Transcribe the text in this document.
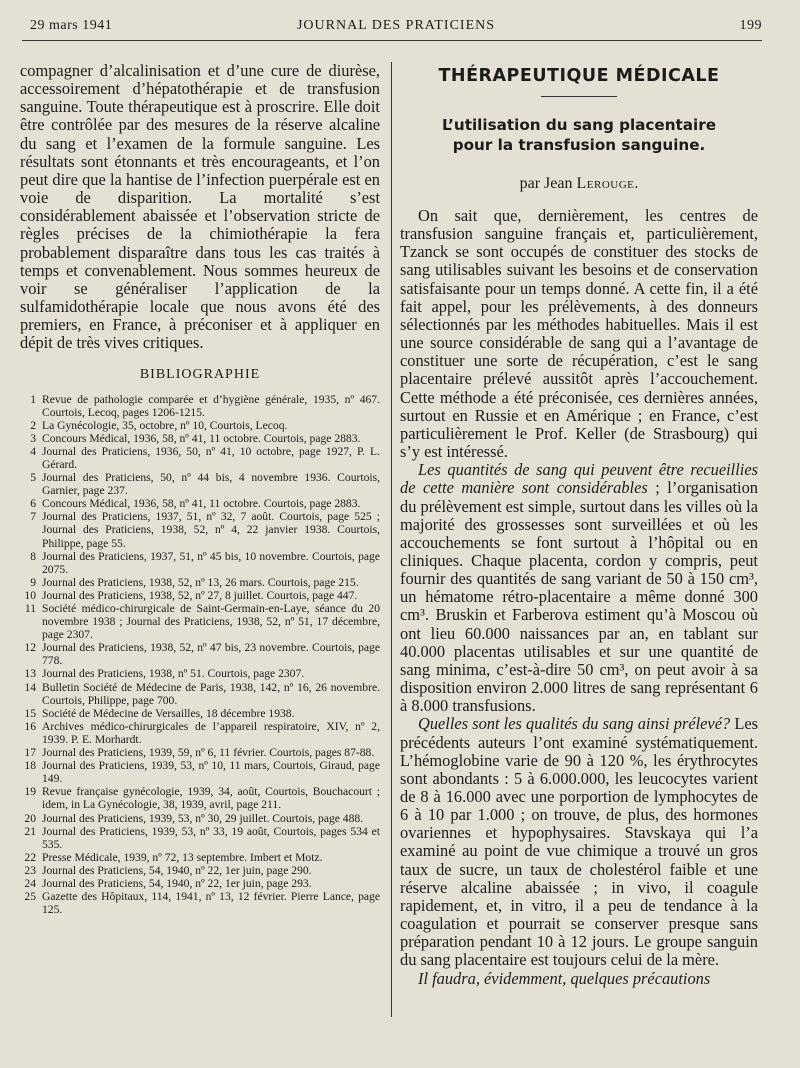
29 mars 1941	JOURNAL DES PRATICIENS	199

compagner d’alcalinisation et d’une cure de diurèse, accessoirement d’hépatothérapie et de transfusion sanguine. Toute thérapeutique est à proscrire. Elle doit être contrôlée par des mesures de la réserve alcaline du sang et l’examen de la formule sanguine. Les résultats sont étonnants et très encourageants, et l’on peut dire que la hantise de l’infection puerpérale est en voie de disparition. La mortalité s’est considérablement abaissée et l’observation stricte de règles précises de la chimiothérapie la fera probablement disparaître dans tous les cas traités à temps et convenablement. Nous sommes heureux de voir se généraliser l’application de la sulfamidothérapie locale que nous avons été des premiers, en France, à préconiser et à appliquer en dépit de très vives critiques.

BIBLIOGRAPHIE
1 Revue de pathologie comparée et d’hygiène générale, 1935, nº 467. Courtois, Lecoq, pages 1206-1215.
2 La Gynécologie, 35, octobre, nº 10, Courtois, Lecoq.
3 Concours Médical, 1936, 58, nº 41, 11 octobre. Courtois, page 2883.
4 Journal des Praticiens, 1936, 50, nº 41, 10 octobre, page 1927, P. L. Gérard.
5 Journal des Praticiens, 50, nº 44 bis, 4 novembre 1936. Courtois, Garnier, page 237.
6 Concours Médical, 1936, 58, nº 41, 11 octobre. Courtois, page 2883.
7 Journal des Praticiens, 1937, 51, nº 32, 7 août. Courtois, page 525 ; Journal des Praticiens, 1938, 52, nº 4, 22 janvier 1938. Courtois, Philippe, page 55.
8 Journal des Praticiens, 1937, 51, nº 45 bis, 10 novembre. Courtois, page 2075.
9 Journal des Praticiens, 1938, 52, nº 13, 26 mars. Courtois, page 215.
10 Journal des Praticiens, 1938, 52, nº 27, 8 juillet. Courtois, page 447.
11 Société médico-chirurgicale de Saint-Germain-en-Laye, séance du 20 novembre 1938 ; Journal des Praticiens, 1938, 52, nº 51, 17 décembre, page 2307.
12 Journal des Praticiens, 1938, 52, nº 47 bis, 23 novembre. Courtois, page 778.
13 Journal des Praticiens, 1938, nº 51. Courtois, page 2307.
14 Bulletin Société de Médecine de Paris, 1938, 142, nº 16, 26 novembre. Courtois, Philippe, page 700.
15 Société de Médecine de Versailles, 18 décembre 1938.
16 Archives médico-chirurgicales de l’appareil respiratoire, XIV, nº 2, 1939. P. E. Morhardt.
17 Journal des Praticiens, 1939, 59, nº 6, 11 février. Courtois, pages 87-88.
18 Journal des Praticiens, 1939, 53, nº 10, 11 mars, Courtois, Giraud, page 149.
19 Revue française gynécologie, 1939, 34, août, Courtois, Bouchacourt ; idem, in La Gynécologie, 38, 1939, avril, page 211.
20 Journal des Praticiens, 1939, 53, nº 30, 29 juillet. Courtois, page 488.
21 Journal des Praticiens, 1939, 53, nº 33, 19 août, Courtois, pages 534 et 535.
22 Presse Médicale, 1939, nº 72, 13 septembre. Imbert et Motz.
23 Journal des Praticiens, 54, 1940, nº 22, 1er juin, page 290.
24 Journal des Praticiens, 54, 1940, nº 22, 1er juin, page 293.
25 Gazette des Hôpitaux, 114, 1941, nº 13, 12 février. Pierre Lance, page 125.
THÉRAPEUTIQUE MÉDICALE
L’utilisation du sang placentaire
pour la transfusion sanguine.
par Jean Lerouge.

On sait que, dernièrement, les centres de transfusion sanguine français et, particulièrement, Tzanck se sont occupés de constituer des stocks de sang utilisables suivant les besoins et de conservation satisfaisante pour un temps donné. A cette fin, il a été fait appel, pour les prélèvements, à des donneurs sélectionnés par les méthodes habituelles. Mais il est une source considérable de sang qui a l’avantage de constituer une sorte de récupération, c’est le sang placentaire prélevé aussitôt après l’accouchement. Cette méthode a été préconisée, ces dernières années, surtout en Russie et en Amérique ; en France, c’est particulièrement le Prof. Keller (de Strasbourg) qui s’y est intéressé.

Les quantités de sang qui peuvent être recueillies de cette manière sont considérables ; l’organisation du prélèvement est simple, surtout dans les villes où la majorité des grossesses sont surveillées et où les accouchements se font surtout à l’hôpital ou en cliniques. Chaque placenta, cordon y compris, peut fournir des quantités de sang variant de 50 à 150 cm³, un hématome rétro-placentaire a même donné 300 cm³. Bruskin et Farberova estiment qu’à Moscou où ont lieu 60.000 naissances par an, en tablant sur 40.000 placentas utilisables et sur une quantité de sang minima, c’est-à-dire 50 cm³, on peut avoir à sa disposition environ 2.000 litres de sang représentant 6 à 8.000 transfusions.

Quelles sont les qualités du sang ainsi prélevé? Les précédents auteurs l’ont examiné systématiquement. L’hémoglobine varie de 90 à 120 %, les érythrocytes sont abondants : 5 à 6.000.000, les leucocytes varient de 8 à 16.000 avec une porportion de lymphocytes de 6 à 10 par 1.000 ; on trouve, de plus, des hormones ovariennes et hypophysaires. Stavskaya qui l’a examiné au point de vue chimique a trouvé un gros taux de sucre, un taux de cholestérol faible et une réserve alcaline abaissée ; in vivo, il coagule rapidement, et, in vitro, il a peu de tendance à la coagulation et pourrait se conserver presque sans préparation pendant 10 à 12 jours. Le groupe sanguin du sang placentaire est toujours celui de la mère.

Il faudra, évidemment, quelques précautions
